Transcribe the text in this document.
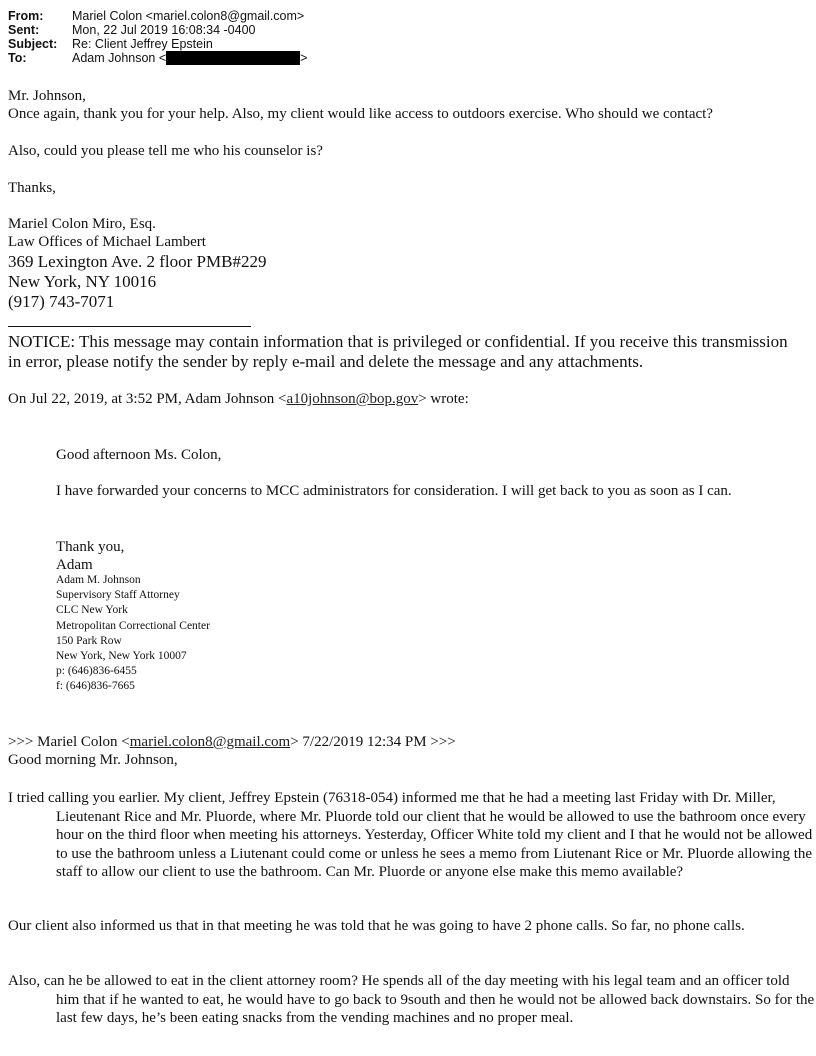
From:	Mariel Colon <mariel.colon8@gmail.com>
Sent:	Mon, 22 Jul 2019 16:08:34 -0400
Subject:	Re: Client Jeffrey Epstein
To:	Adam Johnson <	>
Mr. Johnson,
Once again, thank you for your help. Also, my client would like access to outdoors exercise. Who should we contact?
Also, could you please tell me who his counselor is?
Thanks,
Mariel Colon Miro, Esq.
Law Offices of Michael Lambert
369 Lexington Ave. 2 floor PMB#229
New York, NY 10016
(917) 743-7071
NOTICE: This message may contain information that is privileged or confidential. If you receive this transmission
in error, please notify the sender by reply e-mail and delete the message and any attachments.
On Jul 22, 2019, at 3:52 PM, Adam Johnson <a10johnson@bop.gov> wrote:
Good afternoon Ms. Colon,
I have forwarded your concerns to MCC administrators for consideration. I will get back to you as soon as I can.
Thank you,
Adam
Adam M. Johnson
Supervisory Staff Attorney
CLC New York
Metropolitan Correctional Center
150 Park Row
New York, New York 10007
p: (646)836-6455
f: (646)836-7665
>>> Mariel Colon <mariel.colon8@gmail.com> 7/22/2019 12:34 PM >>>
Good morning Mr. Johnson,
I tried calling you earlier. My client, Jeffrey Epstein (76318-054) informed me that he had a meeting last Friday with Dr. Miller, Lieutenant Rice and Mr. Pluorde, where Mr. Pluorde told our client that he would be allowed to use the bathroom once every hour on the third floor when meeting his attorneys. Yesterday, Officer White told my client and I that he would not be allowed to use the bathroom unless a Liutenant could come or unless he sees a memo from Liutenant Rice or Mr. Pluorde allowing the staff to allow our client to use the bathroom. Can Mr. Pluorde or anyone else make this memo available?
Our client also informed us that in that meeting he was told that he was going to have 2 phone calls. So far, no phone calls.
Also, can he be allowed to eat in the client attorney room? He spends all of the day meeting with his legal team and an officer told him that if he wanted to eat, he would have to go back to 9south and then he would not be allowed back downstairs. So for the last few days, he’s been eating snacks from the vending machines and no proper meal.
